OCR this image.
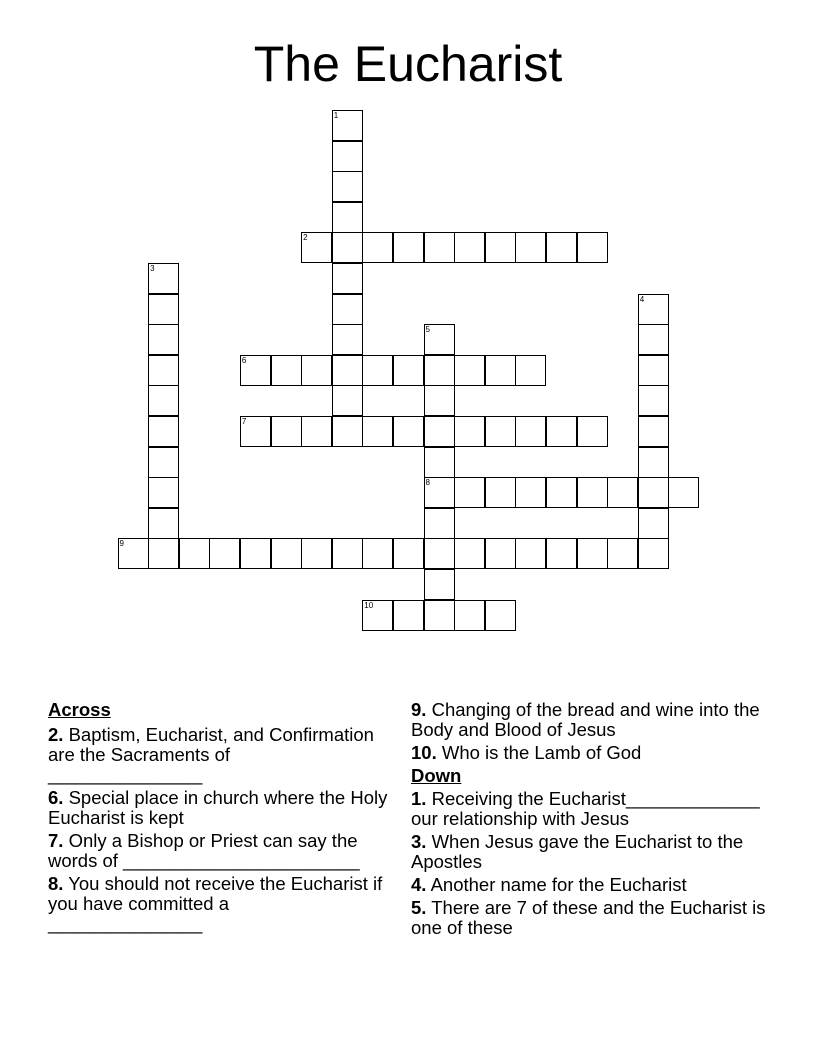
The Eucharist
1
2
3
4
5
8
6
7
9
10
Across
2. Baptism, Eucharist, and Confirmation are the Sacraments of _______________
6. Special place in church where the Holy Eucharist is kept
7. Only a Bishop or Priest can say the words of _______________________
8. You should not receive the Eucharist if you have committed a _______________
9. Changing of the bread and wine into the Body and Blood of Jesus
10. Who is the Lamb of God
Down
1. Receiving the Eucharist_____________ our relationship with Jesus
3. When Jesus gave the Eucharist to the Apostles
4. Another name for the Eucharist
5. There are 7 of these and the Eucharist is one of these
